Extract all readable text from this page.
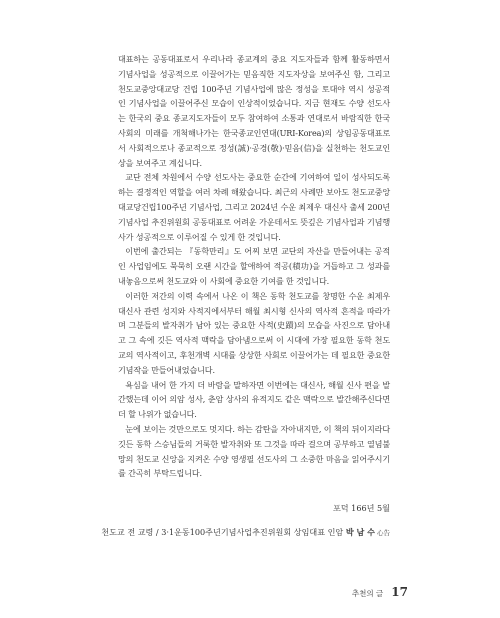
대표하는 공동대표로서 우리나라 종교계의 중요 지도자들과 함께 활동하면서 기념사업을 성공적으로 이끌어가는 믿음직한 지도자상을 보여주신 함, 그리고 천도교중앙대교당 건립 100주년 기념사업에 많은 정성을 토대야 역시 성공적인 기념사업을 이끌어주신 모습이 인상적이었습니다. 지금 현재도 수양 선도사는 한국의 중요 종교지도자들이 모두 참여하여 소통과 연대로서 바람직한 한국 사회의 미래를 개척해나가는 한국종교인연대(URI-Korea)의 상임공동대표로서 사회적으로나 종교적으로 정성(誠)·공경(敬)·믿음(信)을 실천하는 천도교인상을 보여주고 계십니다.

교단 전체 차원에서 수양 선도사는 중요한 순간에 기여하여 일이 성사되도록 하는 결정적인 역할을 여러 차례 해왔습니다. 최근의 사례만 보아도 천도교중앙대교당건립100주년 기념사업, 그리고 2024년 수운 최제우 대신사 출세 200년 기념사업 추진위원회 공동대표로 어려운 가운데서도 뜻깊은 기념사업과 기념행사가 성공적으로 이루어질 수 있게 한 것입니다.

이번에 출간되는 『동학만리』도 어찌 보면 교단의 자산을 만들어내는 공적인 사업임에도 묵묵히 오랜 시간을 할애하여 적공(積功)을 거듭하고 그 성과를 내놓음으로써 천도교와 이 사회에 중요한 기여를 한 것입니다.

이러한 저간의 이력 속에서 나온 이 책은 동학 천도교를 창명한 수운 최제우 대신사 관련 성지와 사적지에서부터 해월 최시형 신사의 역사적 흔적을 따라가며 그분들의 발자취가 남아 있는 중요한 사적(史蹟)의 모습을 사진으로 담아내고 그 속에 깃든 역사적 맥락을 담아냄으로써 이 시대에 가장 필요한 동학 천도교의 역사적이고, 후천개벽 시대를 상상한 사회로 이끌어가는 데 필요한 중요한 기념작을 만들어내었습니다.

욕심을 내어 한 가지 더 바람을 말하자면 이번에는 대신사, 해월 신사 편을 발간했는데 이어 의암 성사, 춘암 상사의 유적지도 같은 맥락으로 발간해주신다면 더 할 나위가 없습니다.

눈에 보이는 것만으로도 멋지다. 하는 감탄을 자아내지만, 이 책의 뒤이지라다 깃든 동학 스승님들의 거룩한 발자취와 또 그것을 따라 걸으며 공부하고 열념불망의 천도교 신앙을 지켜온 수양 영생필 선도사의 그 소중한 마음을 읽어주시기를 간곡히 부탁드립니다.

포덕 166년 5월
천도교 전 교령 / 3·1운동100주년기념사업추진위원회 상임대표 인암 박 남 수 心告
추천의 글 17
